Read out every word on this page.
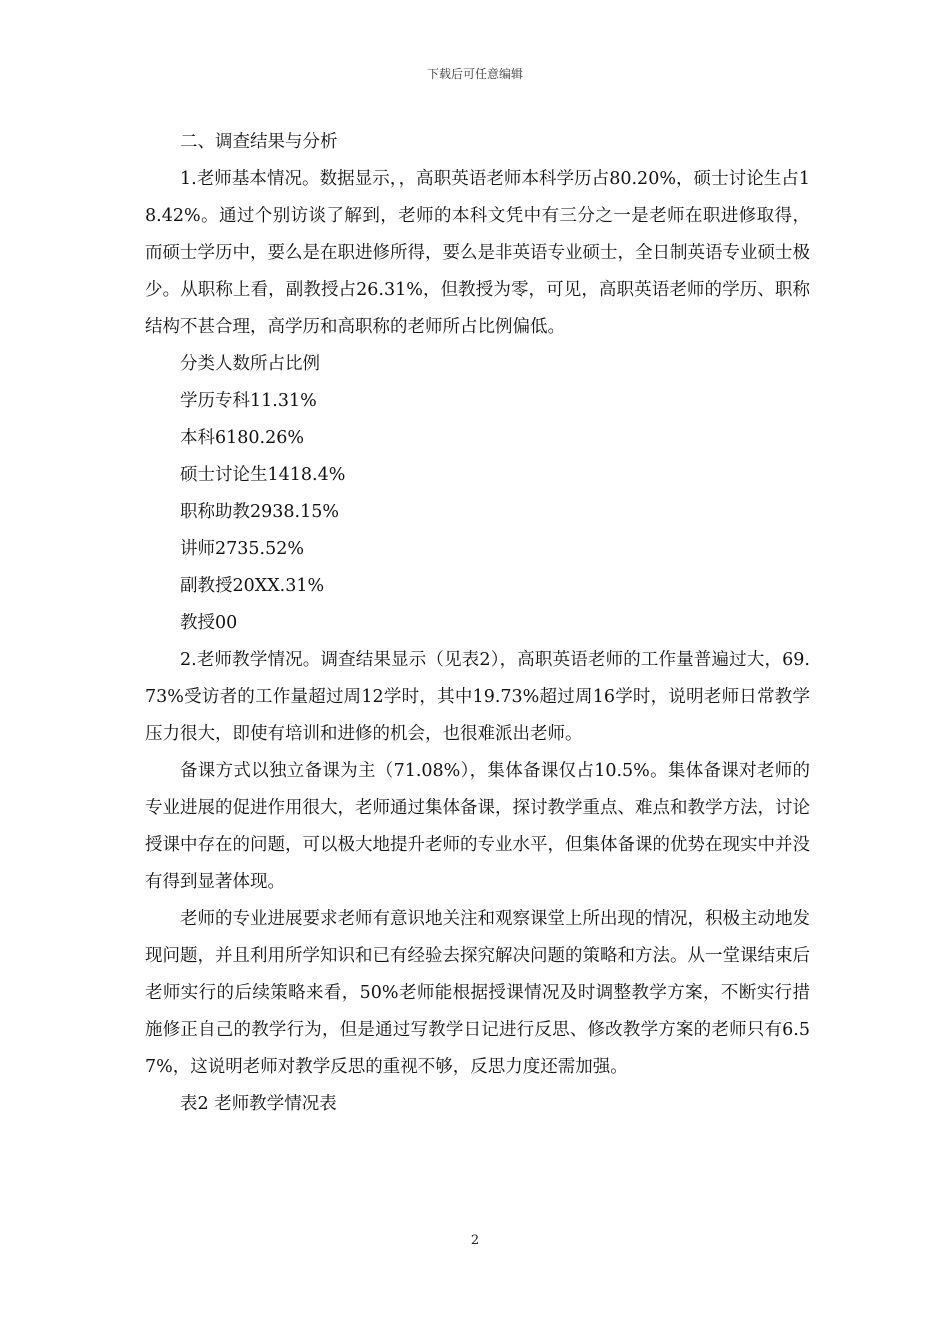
下载后可任意编辑

二、调查结果与分析

1.老师基本情况。数据显示，，高职英语老师本科学历占80.20%，硕士讨论生占18.42%。通过个别访谈了解到，老师的本科文凭中有三分之一是老师在职进修取得，而硕士学历中，要么是在职进修所得，要么是非英语专业硕士，全日制英语专业硕士极少。从职称上看，副教授占26.31%，但教授为零，可见，高职英语老师的学历、职称结构不甚合理，高学历和高职称的老师所占比例偏低。

分类人数所占比例

学历专科11.31%

本科6180.26%

硕士讨论生1418.4%

职称助教2938.15%

讲师2735.52%

副教授20XX.31%

教授00

2.老师教学情况。调查结果显示（见表2），高职英语老师的工作量普遍过大，69.73%受访者的工作量超过周12学时，其中19.73%超过周16学时，说明老师日常教学压力很大，即使有培训和进修的机会，也很难派出老师。

备课方式以独立备课为主（71.08%），集体备课仅占10.5%。集体备课对老师的专业进展的促进作用很大，老师通过集体备课，探讨教学重点、难点和教学方法，讨论授课中存在的问题，可以极大地提升老师的专业水平，但集体备课的优势在现实中并没有得到显著体现。

老师的专业进展要求老师有意识地关注和观察课堂上所出现的情况，积极主动地发现问题，并且利用所学知识和已有经验去探究解决问题的策略和方法。从一堂课结束后老师实行的后续策略来看，50%老师能根据授课情况及时调整教学方案，不断实行措施修正自己的教学行为，但是通过写教学日记进行反思、修改教学方案的老师只有6.57%，这说明老师对教学反思的重视不够，反思力度还需加强。

表2 老师教学情况表

2
